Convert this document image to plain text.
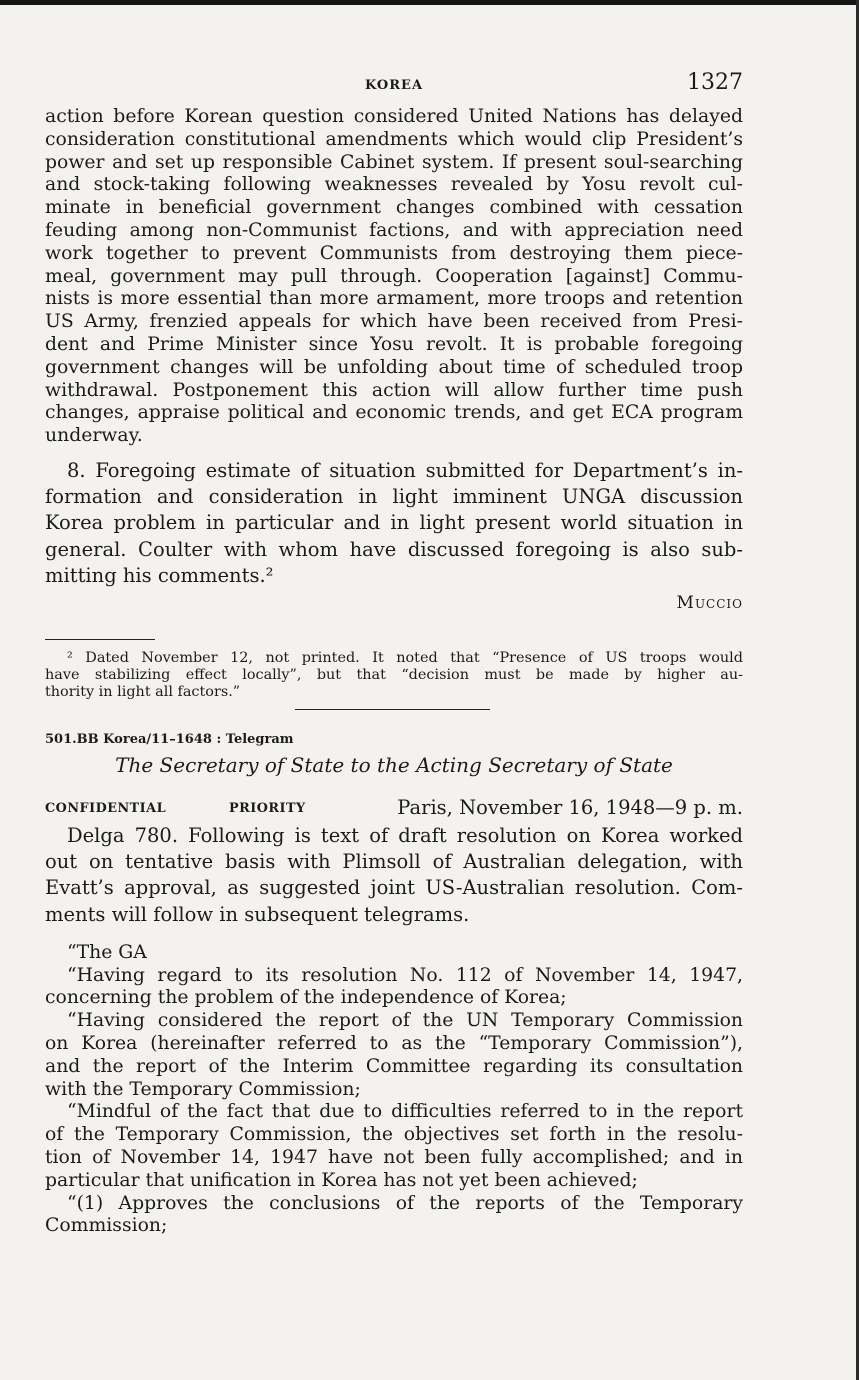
KOREA	1327
action before Korean question considered United Nations has delayed
consideration constitutional amendments which would clip President’s
power and set up responsible Cabinet system. If present soul-searching
and stock-taking following weaknesses revealed by Yosu revolt cul-
minate in beneficial government changes combined with cessation
feuding among non-Communist factions, and with appreciation need
work together to prevent Communists from destroying them piece-
meal, government may pull through. Cooperation [against] Commu-
nists is more essential than more armament, more troops and retention
US Army, frenzied appeals for which have been received from Presi-
dent and Prime Minister since Yosu revolt. It is probable foregoing
government changes will be unfolding about time of scheduled troop
withdrawal. Postponement this action will allow further time push
changes, appraise political and economic trends, and get ECA program
underway.
8. Foregoing estimate of situation submitted for Department’s in-
formation and consideration in light imminent UNGA discussion
Korea problem in particular and in light present world situation in
general. Coulter with whom have discussed foregoing is also sub-
mitting his comments.²
Muccio
² Dated November 12, not printed. It noted that “Presence of US troops would
have stabilizing effect locally”, but that “decision must be made by higher au-
thority in light all factors.”
501.BB Korea/11–1648 : Telegram
The Secretary of State to the Acting Secretary of State
CONFIDENTIAL	PRIORITY	Paris, November 16, 1948—9 p. m.
Delga 780. Following is text of draft resolution on Korea worked
out on tentative basis with Plimsoll of Australian delegation, with
Evatt’s approval, as suggested joint US-Australian resolution. Com-
ments will follow in subsequent telegrams.
“The GA
“Having regard to its resolution No. 112 of November 14, 1947,
concerning the problem of the independence of Korea;
“Having considered the report of the UN Temporary Commission
on Korea (hereinafter referred to as the “Temporary Commission”),
and the report of the Interim Committee regarding its consultation
with the Temporary Commission;
“Mindful of the fact that due to difficulties referred to in the report
of the Temporary Commission, the objectives set forth in the resolu-
tion of November 14, 1947 have not been fully accomplished; and in
particular that unification in Korea has not yet been achieved;
“(1) Approves the conclusions of the reports of the Temporary
Commission;
